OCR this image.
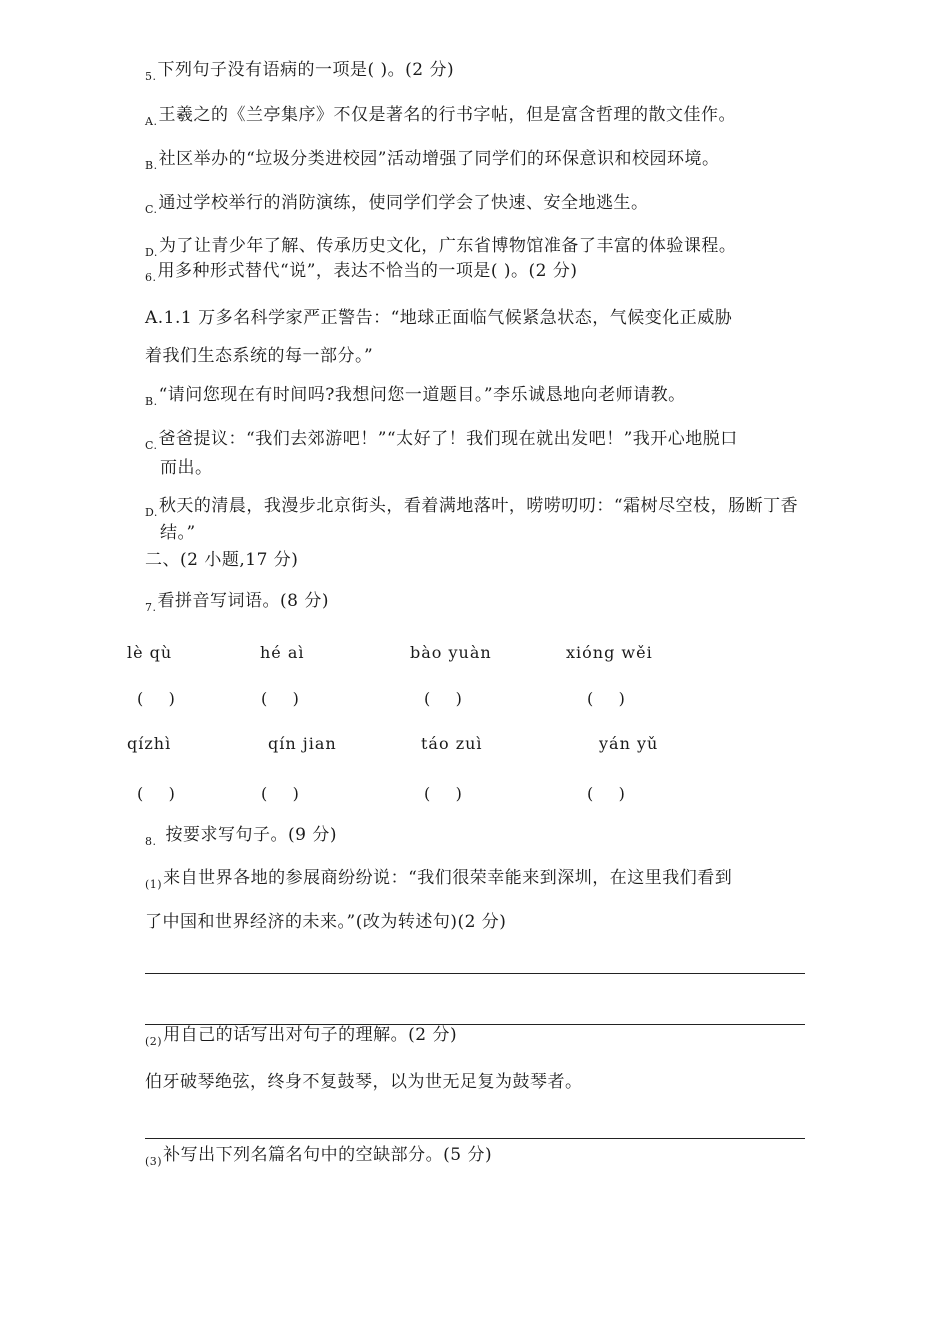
$_{5.}$下列句子没有语病的一项是( )。(2 分)
$_{A.}$王羲之的《兰亭集序》不仅是著名的行书字帖，但是富含哲理的散文佳作。
$_{B.}$社区举办的“垃圾分类进校园”活动增强了同学们的环保意识和校园环境。
$_{C.}$通过学校举行的消防演练，使同学们学会了快速、安全地逃生。
$_{D.}$为了让青少年了解、传承历史文化，广东省博物馆准备了丰富的体验课程。
$_{6.}$用多种形式替代“说”，表达不恰当的一项是( )。(2 分)
A.1.1 万多名科学家严正警告：“地球正面临气候紧急状态，气候变化正威胁
着我们生态系统的每一部分。”
$_{B.}$“请问您现在有时间吗?我想问您一道题目。”李乐诚恳地向老师请教。
$_{C.}$爸爸提议：“我们去郊游吧！”“太好了！我们现在就出发吧！”我开心地脱口
而出。
$_{D.}$秋天的清晨，我漫步北京街头，看着满地落叶，唠唠叨叨：“霜树尽空枝，肠断丁香
结。”
二、(2 小题,17 分)
$_{7.}$看拼音写词语。(8 分)
lè qù	hé aì	bào yuàn	xióng wěi
(     )	(     )	(     )	(     )
qízhì	qín jian	táo zuì	yán yǔ
(     )	(     )	(     )	(     )
$_{8.}$ 按要求写句子。(9 分)
$_{(1)}$来自世界各地的参展商纷纷说：“我们很荣幸能来到深圳，在这里我们看到
了中国和世界经济的未来。”(改为转述句)(2 分)
$_{(2)}$用自己的话写出对句子的理解。(2 分)
伯牙破琴绝弦，终身不复鼓琴，以为世无足复为鼓琴者。
$_{(3)}$补写出下列名篇名句中的空缺部分。(5 分)
